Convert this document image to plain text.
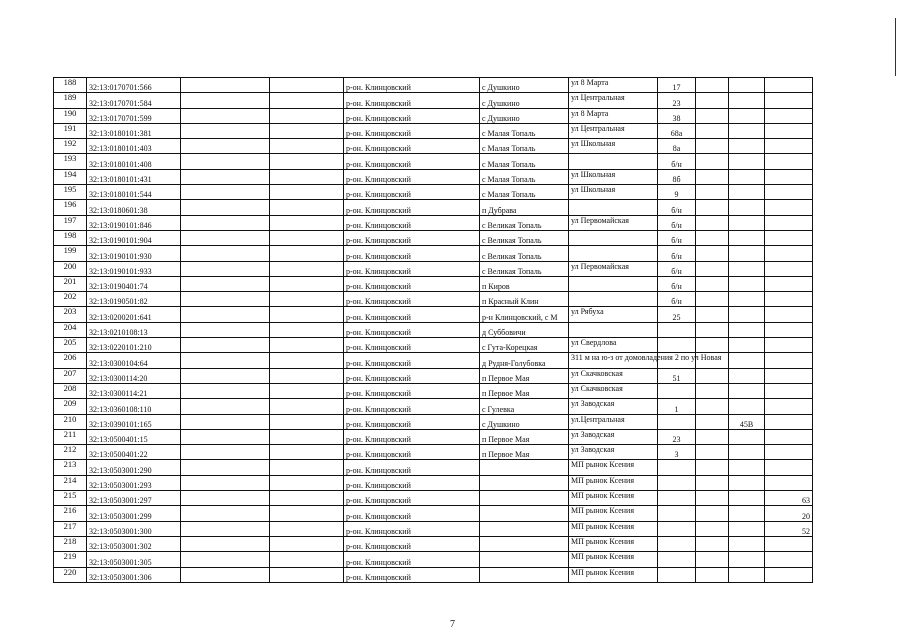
188	32:13:0170701:566			р-он. Клинцовский	с Душкино	ул 8 Марта	17			
189	32:13:0170701:584			р-он. Клинцовский	с Душкино	ул Центральная	23			
190	32:13:0170701:599			р-он. Клинцовский	с Душкино	ул 8 Марта	38			
191	32:13:0180101:381			р-он. Клинцовский	с Малая Топаль	ул Центральная	68а			
192	32:13:0180101:403			р-он. Клинцовский	с Малая Топаль	ул Школьная	8а			
193	32:13:0180101:408			р-он. Клинцовский	с Малая Топаль		б/н			
194	32:13:0180101:431			р-он. Клинцовский	с Малая Топаль	ул Школьная	8б			
195	32:13:0180101:544			р-он. Клинцовский	с Малая Топаль	ул Школьная	9			
196	32:13:0180601:38			р-он. Клинцовский	п Дубрава		б/н			
197	32:13:0190101:846			р-он. Клинцовский	с Великая Топаль	ул Первомайская	б/н			
198	32:13:0190101:904			р-он. Клинцовский	с Великая Топаль		б/н			
199	32:13:0190101:930			р-он. Клинцовский	с Великая Топаль		б/н			
200	32:13:0190101:933			р-он. Клинцовский	с Великая Топаль	ул Первомайская	б/н			
201	32:13:0190401:74			р-он. Клинцовский	п Киров		б/н			
202	32:13:0190501:82			р-он. Клинцовский	п Красный Клин		б/н			
203	32:13:0200201:641			р-он. Клинцовский	р-н Клинцовский, с М	ул Рябуха	25			
204	32:13:0210108:13			р-он. Клинцовский	д Суббовичи					
205	32:13:0220101:210			р-он. Клинцовский	с Гута-Корецкая	ул Свердлова				
206	32:13:0300104:64			р-он. Клинцовский	д Рудня-Голубовка	311 м на ю-з от домовладения 2 по ул Новая				
207	32:13:0300114:20			р-он. Клинцовский	п Первое Мая	ул Скачковская	51			
208	32:13:0300114:21			р-он. Клинцовский	п Первое Мая	ул Скачковская				
209	32:13:0360108:110			р-он. Клинцовский	с Гулевка	ул Заводская	1			
210	32:13:0390101:165			р-он. Клинцовский	с Душкино	ул.Центральная			45В	
211	32:13:0500401:15			р-он. Клинцовский	п Первое Мая	ул Заводская	23			
212	32:13:0500401:22			р-он. Клинцовский	п Первое Мая	ул Заводская	3			
213	32:13:0503001:290			р-он. Клинцовский		МП рынок Ксения				
214	32:13:0503001:293			р-он. Клинцовский		МП рынок Ксения				
215	32:13:0503001:297			р-он. Клинцовский		МП рынок Ксения				63
216	32:13:0503001:299			р-он. Клинцовский		МП рынок Ксения				20
217	32:13:0503001:300			р-он. Клинцовский		МП рынок Ксения				52
218	32:13:0503001:302			р-он. Клинцовский		МП рынок Ксения				
219	32:13:0503001:305			р-он. Клинцовский		МП рынок Ксения				
220	32:13:0503001:306			р-он. Клинцовский		МП рынок Ксения				
7
